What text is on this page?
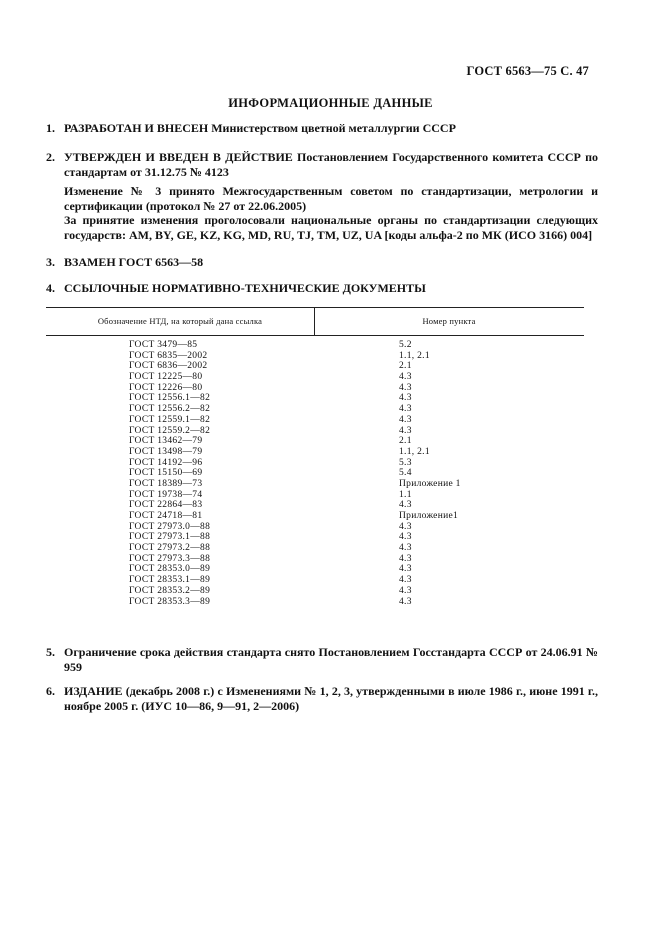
ГОСТ 6563—75 С. 47
ИНФОРМАЦИОННЫЕ ДАННЫЕ
1. РАЗРАБОТАН И ВНЕСЕН Министерством цветной металлургии СССР
2. УТВЕРЖДЕН И ВВЕДЕН В ДЕЙСТВИЕ Постановлением Государственного комитета СССР по стандартам от 31.12.75 № 4123
Изменение № 3 принято Межгосударственным советом по стандартизации, метрологии и сертификации (протокол № 27 от 22.06.2005)
За принятие изменения проголосовали национальные органы по стандартизации следующих государств: AM, BY, GE, KZ, KG, MD, RU, TJ, TM, UZ, UA [коды альфа-2 по МК (ИСО 3166) 004]
3. ВЗАМЕН ГОСТ 6563—58
4. ССЫЛОЧНЫЕ НОРМАТИВНО-ТЕХНИЧЕСКИЕ ДОКУМЕНТЫ
Обозначение НТД, на который дана ссылка	Номер пункта
ГОСТ 3479—85	5.2
ГОСТ 6835—2002	1.1, 2.1
ГОСТ 6836—2002	2.1
ГОСТ 12225—80	4.3
ГОСТ 12226—80	4.3
ГОСТ 12556.1—82	4.3
ГОСТ 12556.2—82	4.3
ГОСТ 12559.1—82	4.3
ГОСТ 12559.2—82	4.3
ГОСТ 13462—79	2.1
ГОСТ 13498—79	1.1, 2.1
ГОСТ 14192—96	5.3
ГОСТ 15150—69	5.4
ГОСТ 18389—73	Приложение 1
ГОСТ 19738—74	1.1
ГОСТ 22864—83	4.3
ГОСТ 24718—81	Приложение1
ГОСТ 27973.0—88	4.3
ГОСТ 27973.1—88	4.3
ГОСТ 27973.2—88	4.3
ГОСТ 27973.3—88	4.3
ГОСТ 28353.0—89	4.3
ГОСТ 28353.1—89	4.3
ГОСТ 28353.2—89	4.3
ГОСТ 28353.3—89	4.3
5. Ограничение срока действия стандарта снято Постановлением Госстандарта СССР от 24.06.91 № 959
6. ИЗДАНИЕ (декабрь 2008 г.) с Изменениями № 1, 2, 3, утвержденными в июле 1986 г., июне 1991 г., ноябре 2005 г. (ИУС 10—86, 9—91, 2—2006)
